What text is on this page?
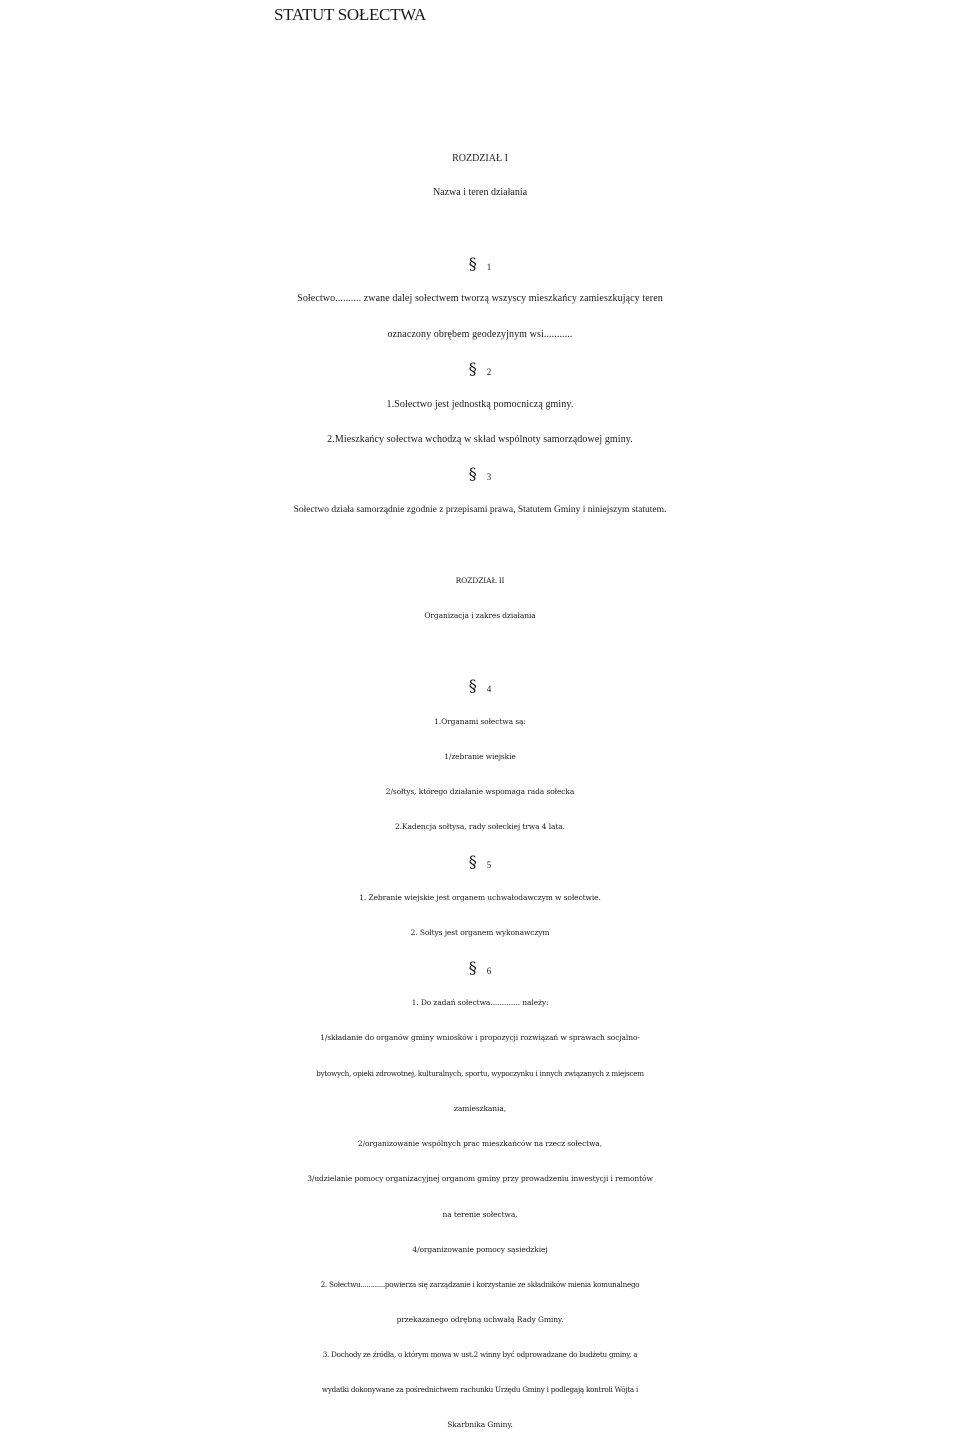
STATUT SOŁECTWA
ROZDZIAŁ I
Nazwa i teren działania
§ 1
Sołectwo.......... zwane dalej sołectwem tworzą wszyscy mieszkańcy zamieszkujący teren
oznaczony obrębem geodezyjnym wsi...........
§ 2
1.Sołectwo jest jednostką pomocniczą gminy.
2.Mieszkańcy sołectwa wchodzą w skład wspólnoty samorządowej gminy.
§ 3
Sołectwo działa samorządnie zgodnie z przepisami prawa, Statutem Gminy i niniejszym statutem.
ROZDZIAŁ II
Organizacja i zakres działania
§ 4
1.Organami sołectwa są:
1/zebranie wiejskie
2/sołtys, którego działanie wspomaga rada sołecka
2.Kadencja sołtysa, rady sołeckiej trwa 4 lata.
§ 5
1. Zebranie wiejskie jest organem uchwałodawczym w sołectwie.
2. Sołtys jest organem wykonawczym
§ 6
1. Do zadań sołectwa............. należy:
1/składanie do organów gminy wniosków i propozycji rozwiązań w sprawach socjalno-
bytowych, opieki zdrowotnej, kulturalnych, sportu, wypoczynku i innych związanych z miejscem
zamieszkania,
2/organizowanie wspólnych prac mieszkańców na rzecz sołectwa,
3/udzielanie pomocy organizacyjnej organom gminy przy prowadzeniu inwestycji i remontów
na terenie sołectwa,
4/organizowanie pomocy sąsiedzkiej
2. Sołectwu............powierza się zarządzanie i korzystanie ze składników mienia komunalnego
przekazanego odrębną uchwałą Rady Gminy.
3. Dochody ze źródła, o którym mowa w ust.2 winny być odprowadzane do budżetu gminy, a
wydatki dokonywane za pośrednictwem rachunku Urzędu Gminy i podlegają kontroli Wójta i
Skarbnika Gminy.
